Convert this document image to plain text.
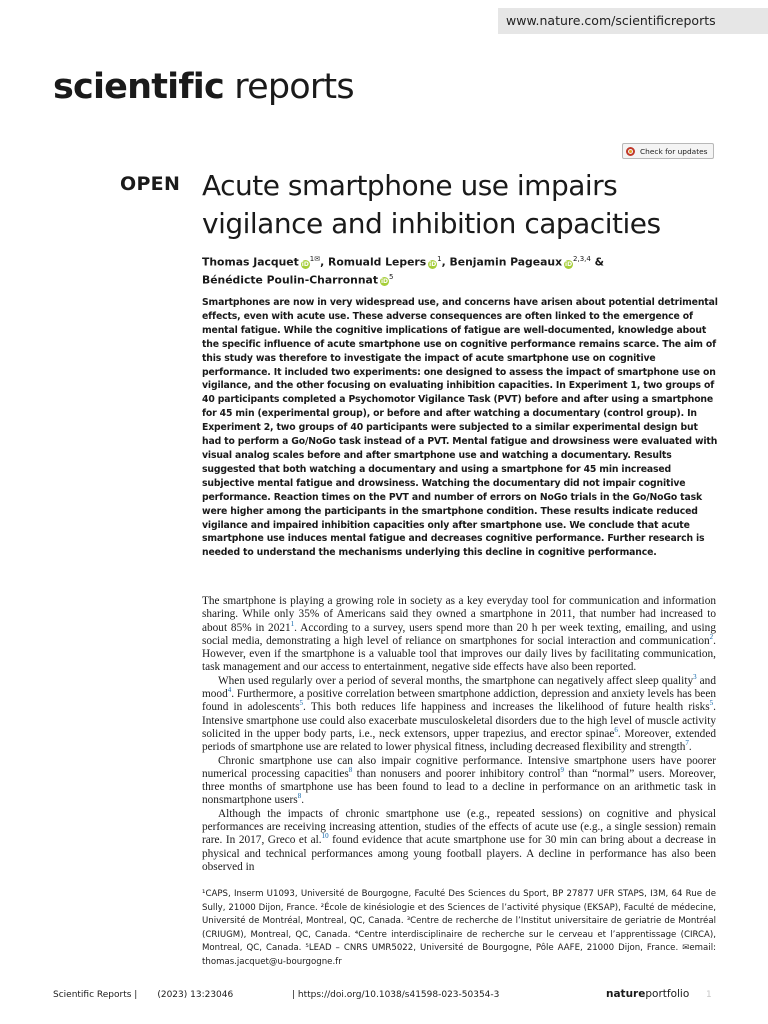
www.nature.com/scientificreports
scientific reports
Check for updates
OPEN Acute smartphone use impairs vigilance and inhibition capacities
Thomas Jacquet $iD^{1✉}$, Romuald Lepers $iD^1$, Benjamin Pageaux iD$^{2,3,4}$ &
Bénédicte Poulin-Charronnat $iD^5$

Smartphones are now in very widespread use, and concerns have arisen about potential detrimental effects, even with acute use. These adverse consequences are often linked to the emergence of mental fatigue. While the cognitive implications of fatigue are well-documented, knowledge about the specific influence of acute smartphone use on cognitive performance remains scarce. The aim of this study was therefore to investigate the impact of acute smartphone use on cognitive performance. It included two experiments: one designed to assess the impact of smartphone use on vigilance, and the other focusing on evaluating inhibition capacities. In Experiment 1, two groups of 40 participants completed a Psychomotor Vigilance Task (PVT) before and after using a smartphone for 45 min (experimental group), or before and after watching a documentary (control group). In Experiment 2, two groups of 40 participants were subjected to a similar experimental design but had to perform a Go/NoGo task instead of a PVT. Mental fatigue and drowsiness were evaluated with visual analog scales before and after smartphone use and watching a documentary. Results suggested that both watching a documentary and using a smartphone for 45 min increased subjective mental fatigue and drowsiness. Watching the documentary did not impair cognitive performance. Reaction times on the PVT and number of errors on NoGo trials in the Go/NoGo task were higher among the participants in the smartphone condition. These results indicate reduced vigilance and impaired inhibition capacities only after smartphone use. We conclude that acute smartphone use induces mental fatigue and decreases cognitive performance. Further research is needed to understand the mechanisms underlying this decline in cognitive performance.

The smartphone is playing a growing role in society as a key everyday tool for communication and information sharing. While only 35% of Americans said they owned a smartphone in 2011, that number had increased to about 85% in 2021$^1$. According to a survey, users spend more than 20 h per week texting, emailing, and using social media, demonstrating a high level of reliance on smartphones for social interaction and communication$^2$. However, even if the smartphone is a valuable tool that improves our daily lives by facilitating communication, task management and our access to entertainment, negative side effects have also been reported.

When used regularly over a period of several months, the smartphone can negatively affect sleep quality$^3$ and mood$^4$. Furthermore, a positive correlation between smartphone addiction, depression and anxiety levels has been found in adolescents$^5$. This both reduces life happiness and increases the likelihood of future health risks$^5$. Intensive smartphone use could also exacerbate musculoskeletal disorders due to the high level of muscle activity solicited in the upper body parts, i.e., neck extensors, upper trapezius, and erector spinae$^6$. Moreover, extended periods of smartphone use are related to lower physical fitness, including decreased flexibility and strength$^7$.

Chronic smartphone use can also impair cognitive performance. Intensive smartphone users have poorer numerical processing capacities$^8$ than nonusers and poorer inhibitory control$^9$ than “normal” users. Moreover, three months of smartphone use has been found to lead to a decline in performance on an arithmetic task in nonsmartphone users$^8$.

Although the impacts of chronic smartphone use (e.g., repeated sessions) on cognitive and physical performances are receiving increasing attention, studies of the effects of acute use (e.g., a single session) remain rare. In 2017, Greco et al.$^{10}$ found evidence that acute smartphone use for 30 min can bring about a decrease in physical and technical performances among young football players. A decline in performance has also been observed in

¹CAPS, Inserm U1093, Université de Bourgogne, Faculté Des Sciences du Sport, BP 27877 UFR STAPS, I3M, 64 Rue de Sully, 21000 Dijon, France. ²École de kinésiologie et des Sciences de l’activité physique (EKSAP), Faculté de médecine, Université de Montréal, Montreal, QC, Canada. ³Centre de recherche de l’Institut universitaire de geriatrie de Montréal (CRIUGM), Montreal, QC, Canada. ⁴Centre interdisciplinaire de recherche sur le cerveau et l’apprentissage (CIRCA), Montreal, QC, Canada. ⁵LEAD – CNRS UMR5022, Université de Bourgogne, Pôle AAFE, 21000 Dijon, France. ✉email: thomas.jacquet@u-bourgogne.fr
Scientific Reports | (2023) 13:23046	| https://doi.org/10.1038/s41598-023-50354-3	natureportfolio 1
